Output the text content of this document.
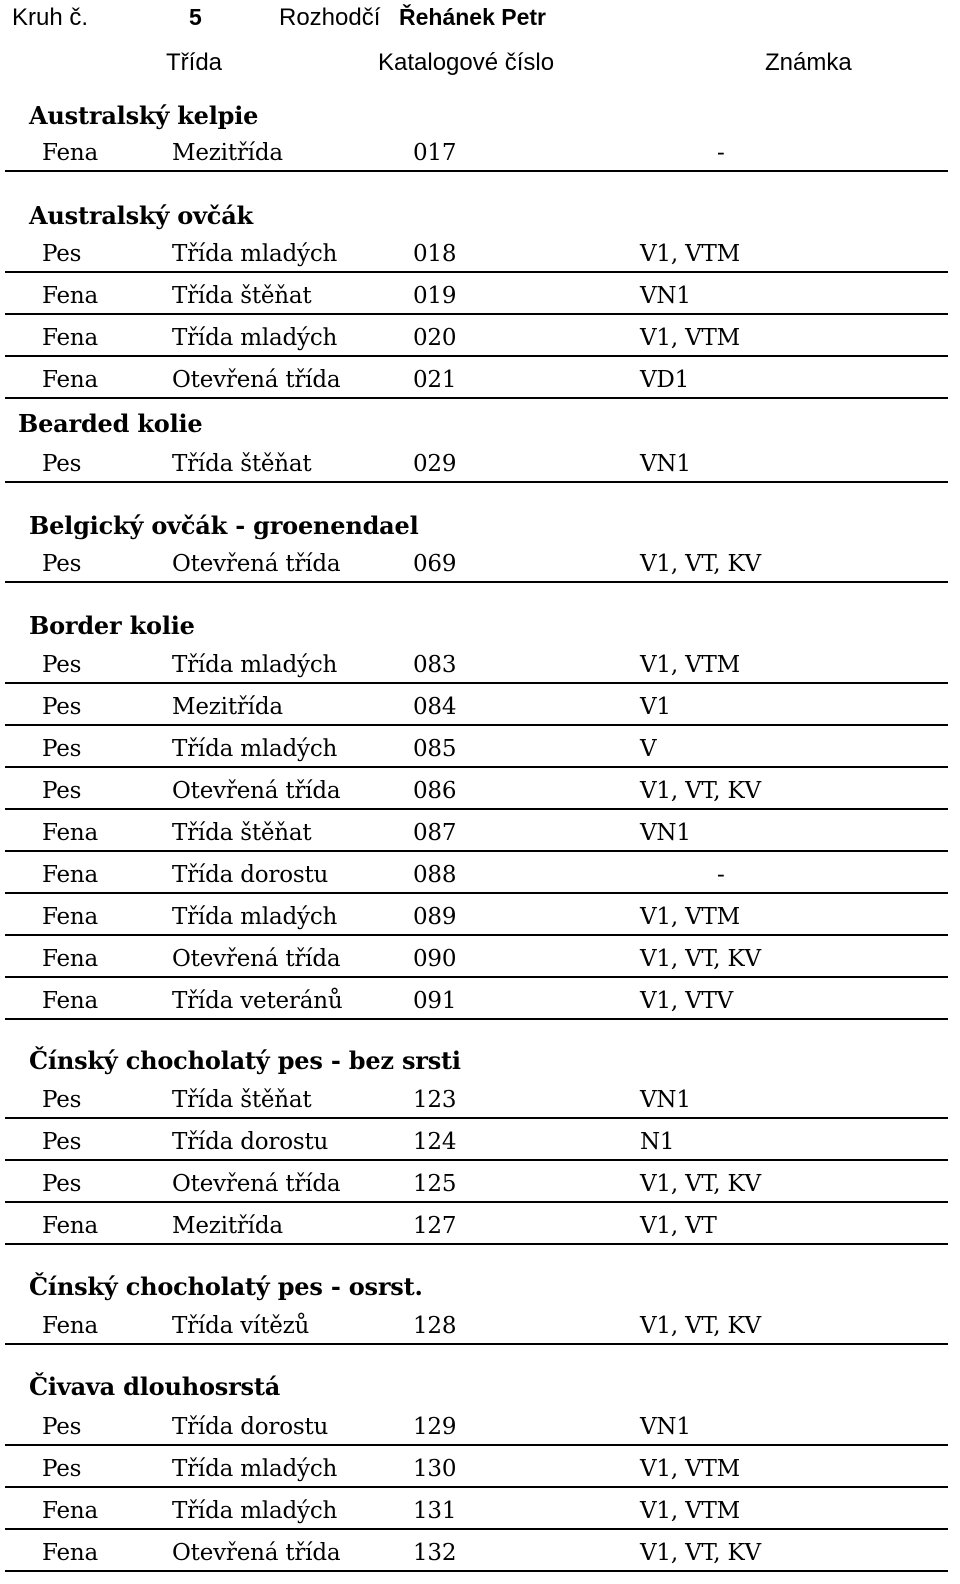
Kruh č.	5	Rozhodčí Řehánek Petr
Třída	Katalogové číslo	Známka
Australský kelpie
Fena	Mezitřída	017	-
Australský ovčák
Pes	Třída mladých	018	V1, VTM
Fena	Třída štěňat	019	VN1
Fena	Třída mladých	020	V1, VTM
Fena	Otevřená třída	021	VD1
Bearded kolie
Pes	Třída štěňat	029	VN1
Belgický ovčák - groenendael
Pes	Otevřená třída	069	V1, VT, KV
Border kolie
Pes	Třída mladých	083	V1, VTM
Pes	Mezitřída	084	V1
Pes	Třída mladých	085	V
Pes	Otevřená třída	086	V1, VT, KV
Fena	Třída štěňat	087	VN1
Fena	Třída dorostu	088	-
Fena	Třída mladých	089	V1, VTM
Fena	Otevřená třída	090	V1, VT, KV
Fena	Třída veteránů	091	V1, VTV
Čínský chocholatý pes - bez srsti
Pes	Třída štěňat	123	VN1
Pes	Třída dorostu	124	N1
Pes	Otevřená třída	125	V1, VT, KV
Fena	Mezitřída	127	V1, VT
Čínský chocholatý pes - osrst.
Fena	Třída vítězů	128	V1, VT, KV
Čivava dlouhosrstá
Pes	Třída dorostu	129	VN1
Pes	Třída mladých	130	V1, VTM
Fena	Třída mladých	131	V1, VTM
Fena	Otevřená třída	132	V1, VT, KV
